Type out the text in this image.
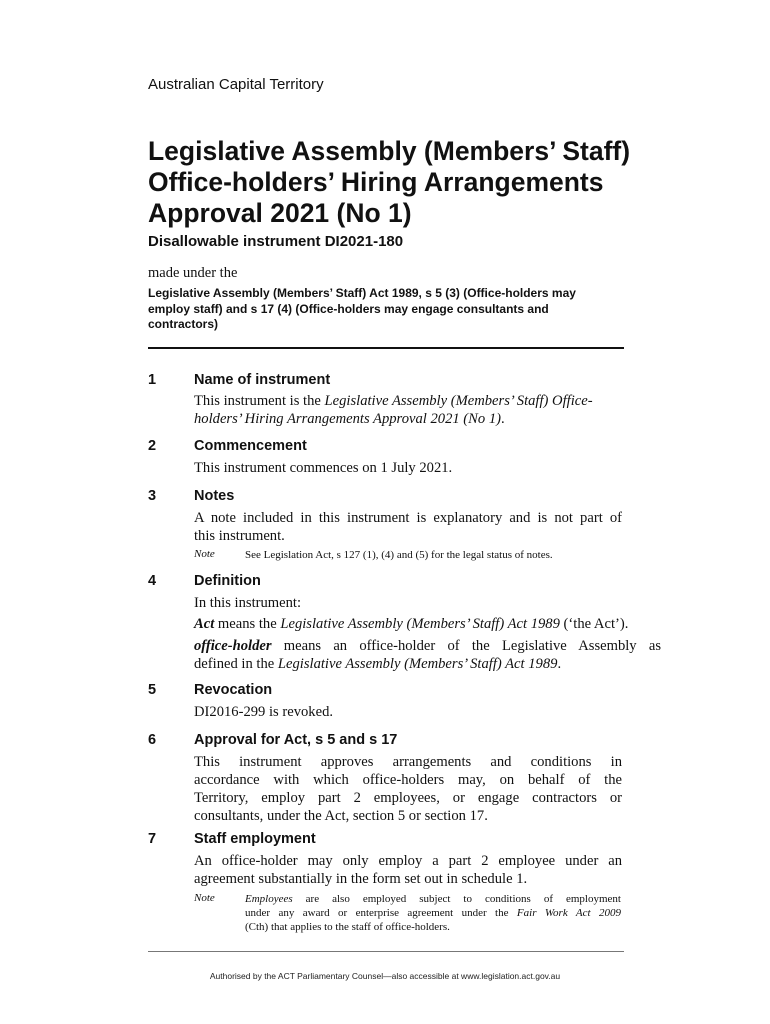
Australian Capital Territory
Legislative Assembly (Members’ Staff)
Office-holders’ Hiring Arrangements
Approval 2021 (No 1)
Disallowable instrument DI2021-180
made under the
Legislative Assembly (Members’ Staff) Act 1989, s 5 (3) (Office-holders may
employ staff) and s 17 (4) (Office-holders may engage consultants and
contractors)
1	Name of instrument
This instrument is the Legislative Assembly (Members’ Staff) Office-
holders’ Hiring Arrangements Approval 2021 (No 1).
2	Commencement
This instrument commences on 1 July 2021.
3	Notes
A note included in this instrument is explanatory and is not part of
this instrument.
Note	See Legislation Act, s 127 (1), (4) and (5) for the legal status of notes.
4	Definition
In this instrument:
Act means the Legislative Assembly (Members’ Staff) Act 1989 (‘the Act’).
office-holder means an office-holder of the Legislative Assembly as
defined in the Legislative Assembly (Members’ Staff) Act 1989.
5	Revocation
DI2016-299 is revoked.
6	Approval for Act, s 5 and s 17
This instrument approves arrangements and conditions in
accordance with which office-holders may, on behalf of the
Territory, employ part 2 employees, or engage contractors or
consultants, under the Act, section 5 or section 17.
7	Staff employment
An office-holder may only employ a part 2 employee under an
agreement substantially in the form set out in schedule 1.
Note	Employees are also employed subject to conditions of employment
under any award or enterprise agreement under the Fair Work Act 2009
(Cth) that applies to the staff of office-holders.
Authorised by the ACT Parliamentary Counsel—also accessible at www.legislation.act.gov.au
